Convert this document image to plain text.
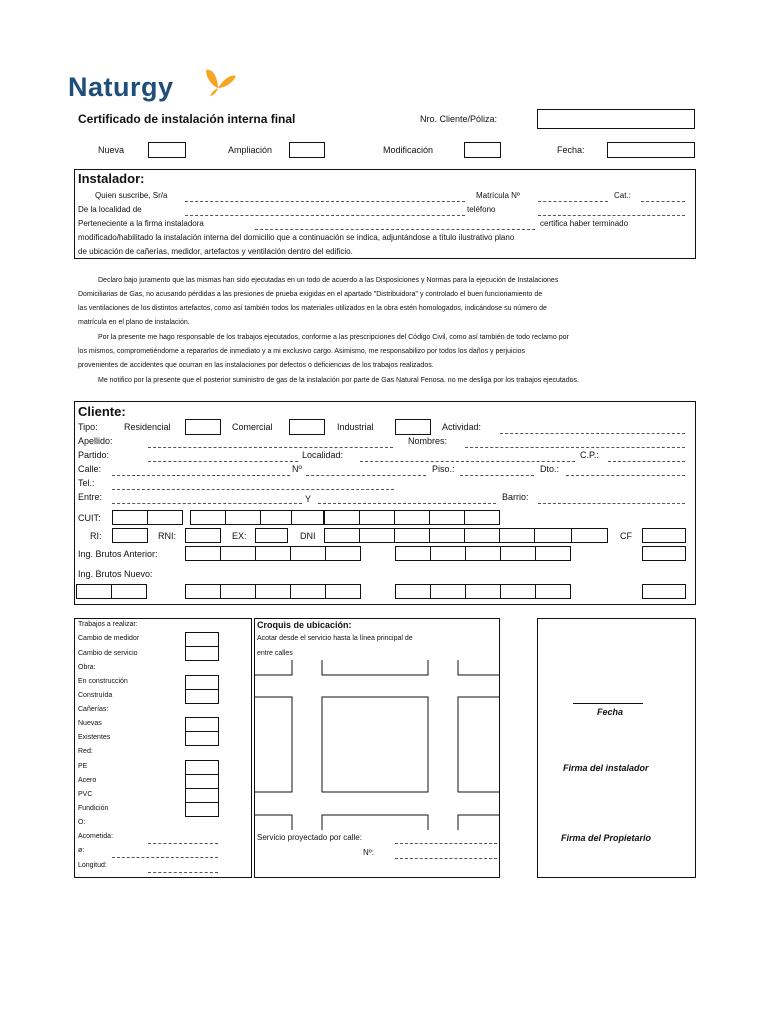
Naturgy
Certificado de instalación interna final	Nro. Cliente/Póliza:
Nueva	Ampliación	Modificación	Fecha:
Instalador:
Quien suscribe, Sr/a	Matrícula Nº	Cat.:
De la localidad de	teléfono
Perteneciente a la firma instaladora	certifica haber terminado
modificado/habilitado la instalación interna del domicilio que a continuación se indica, adjuntándose a título ilustrativo plano
de ubicación de cañerías, medidor, artefactos y ventilación dentro del edificio.
Declaro bajo juramento que las mismas han sido ejecutadas en un todo de acuerdo a las Disposiciones y Normas para la ejecución de Instalaciones
Domiciliarias de Gas, no acusando pérdidas a las presiones de prueba exigidas en el apartado "Distribuidora" y controlado el buen funcionamiento de
las ventilaciones de los distintos artefactos, como así también todos los materiales utilizados en la obra estén homologados, indicándose su número de
matrícula en el plano de instalación.
Por la presente me hago responsable de los trabajos ejecutados, conforme a las prescripciones del Código Civil, como así también de todo reclamo por
los mismos, comprometiéndome a repararlos de inmediato y a mi exclusivo cargo. Asimismo, me responsabilizo por todos los daños y perjuicios
provenientes de accidentes que ocurran en las instalaciones por defectos o deficiencias de los trabajos realizados.
Me notifico por la presente que el posterior suministro de gas de la instalación por parte de Gas Natural Fenosa. no me desliga por los trabajos ejecutados.
Cliente:
Tipo:	Residencial	Comercial	Industrial	Actividad:
Apellido:	Nombres:
Partido:	Localidad:	C.P.:
Calle:	Nº	Piso.:	Dto.:
Tel.:
Entre:	Y	Barrio:
CUIT:
RI:	RNI:	EX:	DNI	CF
Ing. Brutos Anterior:
Ing. Brutos Nuevo:
Trabajos a realizar:
Cambio de medidor
Cambio de servicio
Obra:
En construcción
Construída
Cañerías:
Nuevas
Existentes
Red:
PE
Acero
PVC
Fundición
O:
Acometida:
ø:
Longitud:
Croquis de ubicación:
Acotar desde el servicio hasta la línea principal de
entre calles
Servicio proyectado por calle:
Nº:
Fecha
Firma del instalador
Firma del Propietario
